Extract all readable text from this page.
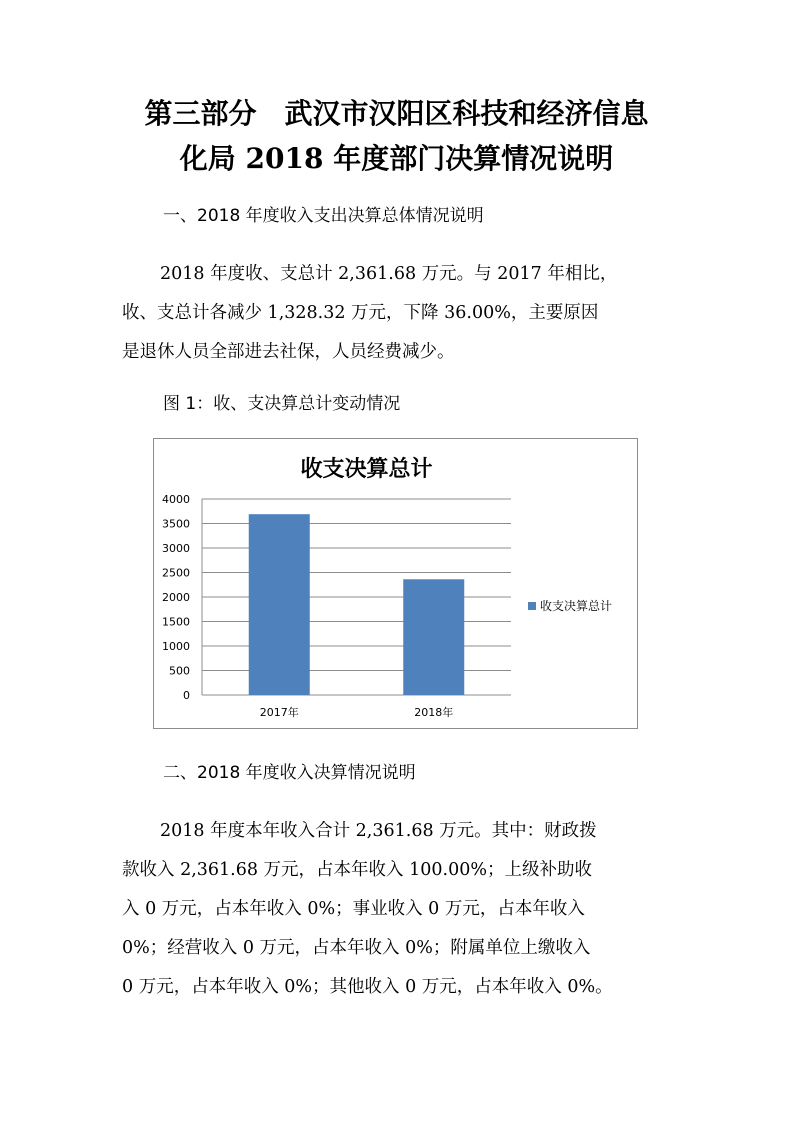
第三部分　武汉市汉阳区科技和经济信息
化局 2018 年度部门决算情况说明
一、2018 年度收入支出决算总体情况说明
2018 年度收、支总计 2,361.68 万元。与 2017 年相比，
收、支总计各减少 1,328.32 万元，下降 36.00%，主要原因
是退休人员全部进去社保，人员经费减少。
图 1：收、支决算总计变动情况
收支决算总计
0
500
1000
1500
2000
2500
3000
3500
4000
2017年	2018年
收支决算总计
二、2018 年度收入决算情况说明
2018 年度本年收入合计 2,361.68 万元。其中：财政拨
款收入 2,361.68 万元，占本年收入 100.00%；上级补助收
入 0 万元，占本年收入 0%；事业收入 0 万元，占本年收入
0%；经营收入 0 万元，占本年收入 0%；附属单位上缴收入
0 万元，占本年收入 0%；其他收入 0 万元，占本年收入 0%。
